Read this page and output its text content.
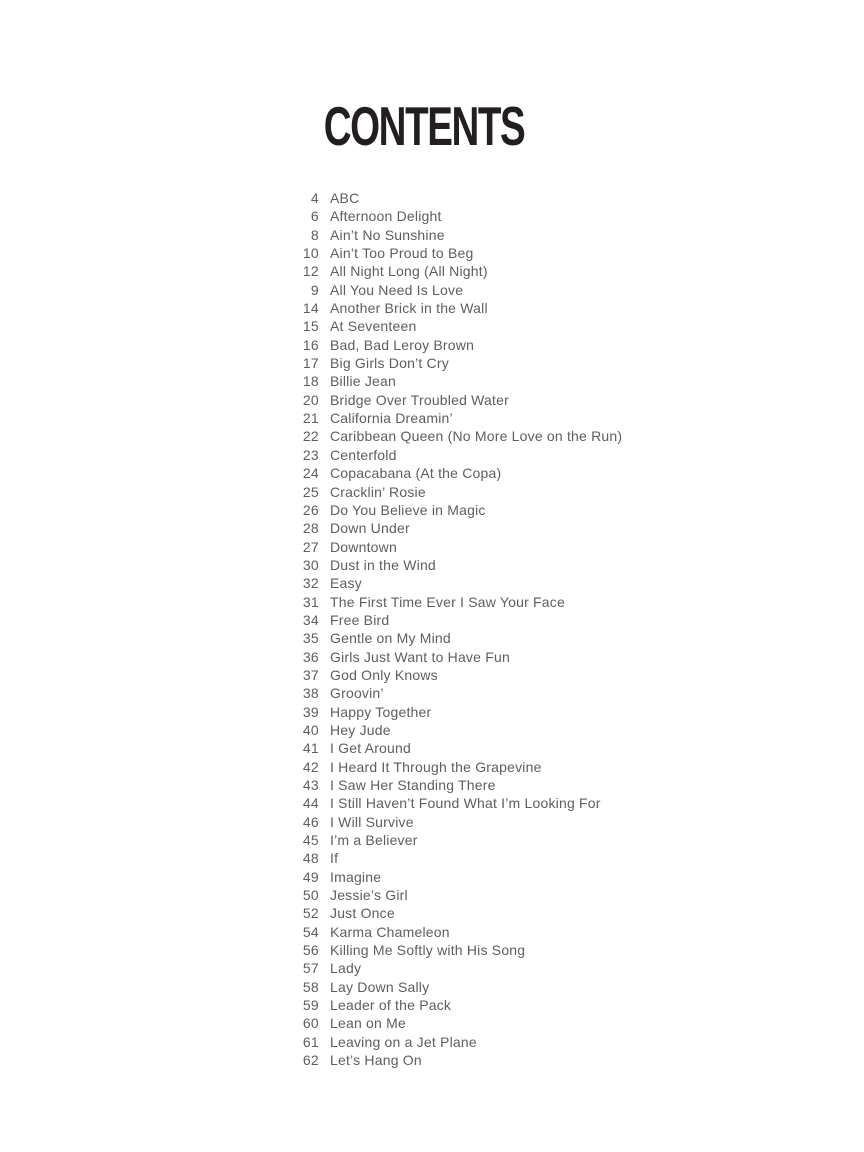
CONTENTS
4 ABC
6 Afternoon Delight
8 Ain’t No Sunshine
10 Ain’t Too Proud to Beg
12 All Night Long (All Night)
9 All You Need Is Love
14 Another Brick in the Wall
15 At Seventeen
16 Bad, Bad Leroy Brown
17 Big Girls Don’t Cry
18 Billie Jean
20 Bridge Over Troubled Water
21 California Dreamin’
22 Caribbean Queen (No More Love on the Run)
23 Centerfold
24 Copacabana (At the Copa)
25 Cracklin’ Rosie
26 Do You Believe in Magic
28 Down Under
27 Downtown
30 Dust in the Wind
32 Easy
31 The First Time Ever I Saw Your Face
34 Free Bird
35 Gentle on My Mind
36 Girls Just Want to Have Fun
37 God Only Knows
38 Groovin’
39 Happy Together
40 Hey Jude
41 I Get Around
42 I Heard It Through the Grapevine
43 I Saw Her Standing There
44 I Still Haven’t Found What I’m Looking For
46 I Will Survive
45 I’m a Believer
48 If
49 Imagine
50 Jessie’s Girl
52 Just Once
54 Karma Chameleon
56 Killing Me Softly with His Song
57 Lady
58 Lay Down Sally
59 Leader of the Pack
60 Lean on Me
61 Leaving on a Jet Plane
62 Let’s Hang On
